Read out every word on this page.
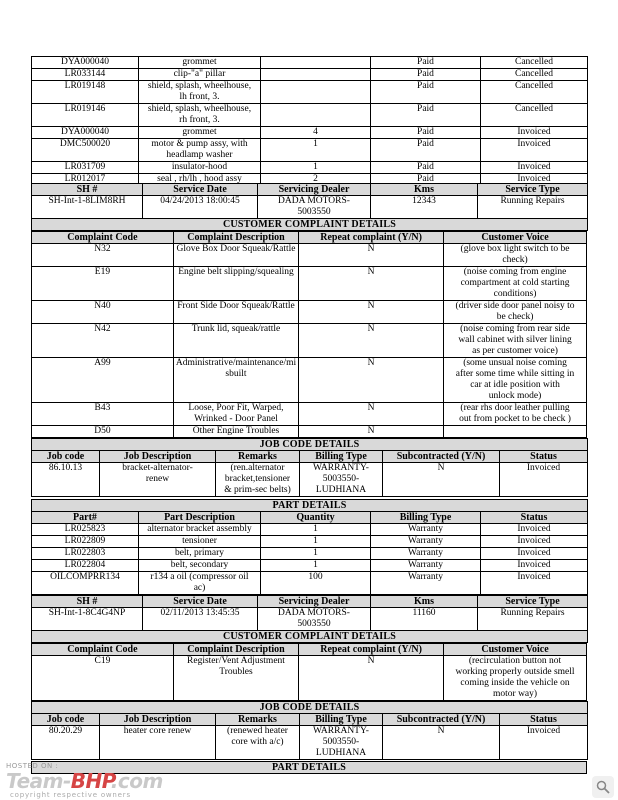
DYA000040	grommet		Paid	Cancelled
LR033144	clip-"a" pillar		Paid	Cancelled
LR019148	shield, splash, wheelhouse,
lh front, 3.		Paid	Cancelled
LR019146	shield, splash, wheelhouse,
rh front, 3.		Paid	Cancelled
DYA000040	grommet	4	Paid	Invoiced
DMC500020	motor & pump assy, with
headlamp washer	1	Paid	Invoiced
LR031709	insulator-hood	1	Paid	Invoiced
LR012017	seal , rh/lh , hood assy	2	Paid	Invoiced
SH #	Service Date	Servicing Dealer	Kms	Service Type
SH-Int-1-8LIM8RH	04/24/2013 18:00:45	DADA MOTORS-
5003550	12343	Running Repairs
CUSTOMER COMPLAINT DETAILS				
Complaint Code	Complaint Description	Repeat complaint (Y/N)	Customer Voice
N32	Glove Box Door Squeak/Rattle	N	(glove box light switch to be
check)
E19	Engine belt slipping/squealing	N	(noise coming from engine
compartment at cold starting
conditions)
N40	Front Side Door Squeak/Rattle	N	(driver side door panel noisy to
be check)
N42	Trunk lid, squeak/rattle	N	(noise coming from rear side
wall cabinet with silver lining
as per customer voice)
A99	Administrative/maintenance/mi
sbuilt	N	(some unsual noise coming
after some time while sitting in
car at idle position with
unlock mode)
B43	Loose, Poor Fit, Warped,
Wrinked - Door Panel	N	(rear rhs door leather pulling
out from pocket to be check )
D50	Other Engine Troubles	N	
JOB CODE DETAILS					
Job code	Job Description	Remarks	Billing Type	Subcontracted (Y/N)	Status
86.10.13	bracket-alternator-
renew	(ren.alternator
bracket,tensioner
& prim-sec belts)	WARRANTY-
5003550-
LUDHIANA	N	Invoiced
PART DETAILS				
Part#	Part Description	Quantity	Billing Type	Status
LR025823	alternator bracket assembly	1	Warranty	Invoiced
LR022809	tensioner	1	Warranty	Invoiced
LR022803	belt, primary	1	Warranty	Invoiced
LR022804	belt, secondary	1	Warranty	Invoiced
OILCOMPRR134	r134 a oil (compressor oil
ac)	100	Warranty	Invoiced
SH #	Service Date	Servicing Dealer	Kms	Service Type
SH-Int-1-8C4G4NP	02/11/2013 13:45:35	DADA MOTORS-
5003550	11160	Running Repairs
CUSTOMER COMPLAINT DETAILS				
Complaint Code	Complaint Description	Repeat complaint (Y/N)	Customer Voice
C19	Register/Vent Adjustment
Troubles	N	(recirculation button not
working properly outside smell
coming inside the vehicle on
motor way)
JOB CODE DETAILS					
Job code	Job Description	Remarks	Billing Type	Subcontracted (Y/N)	Status
80.20.29	heater core renew	(renewed heater
core with a/c)	WARRANTY-
5003550-
LUDHIANA	N	Invoiced
PART DETAILS
HOSTED ON :
Team-BHP.com
copyright respective owners
